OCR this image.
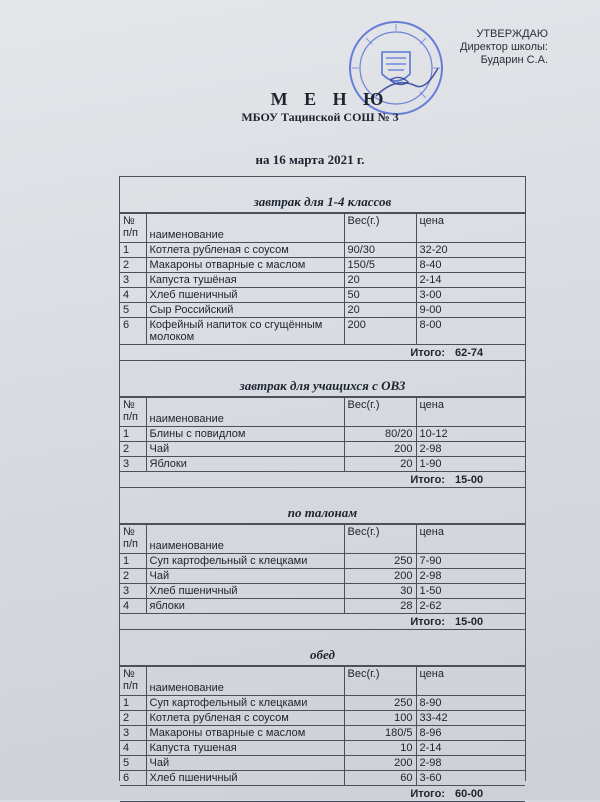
УТВЕРЖДАЮ
Директор школы:
Бударин С.А.
М Е Н Ю
МБОУ Тацинской СОШ № 3
на 16 марта 2021 г.
завтрак для 1-4 классов
№ п/п	наименование	Вес(г.)	цена
1	Котлета рубленая с соусом	90/30	32-20
2	Макароны отварные с маслом	150/5	8-40
3	Капуста тушёная	20	2-14
4	Хлеб пшеничный	50	3-00
5	Сыр Российский	20	9-00
6	Кофейный напиток со сгущённым молоком	200	8-00
Итого: 62-74
завтрак для учащихся с ОВЗ
№ п/п	наименование	Вес(г.)	цена
1	Блины с повидлом	80/20	10-12
2	Чай	200	2-98
3	Яблоки	20	1-90
Итого: 15-00
по талонам
№ п/п	наименование	Вес(г.)	цена
1	Суп картофельный с клецками	250	7-90
2	Чай	200	2-98
3	Хлеб пшеничный	30	1-50
4	яблоки	28	2-62
Итого: 15-00
обед
№ п/п	наименование	Вес(г.)	цена
1	Суп картофельный с клецками	250	8-90
2	Котлета рубленая с соусом	100	33-42
3	Макароны отварные с маслом	180/5	8-96
4	Капуста тушеная	10	2-14
5	Чай	200	2-98
6	Хлеб пшеничный	60	3-60
Итого: 60-00
